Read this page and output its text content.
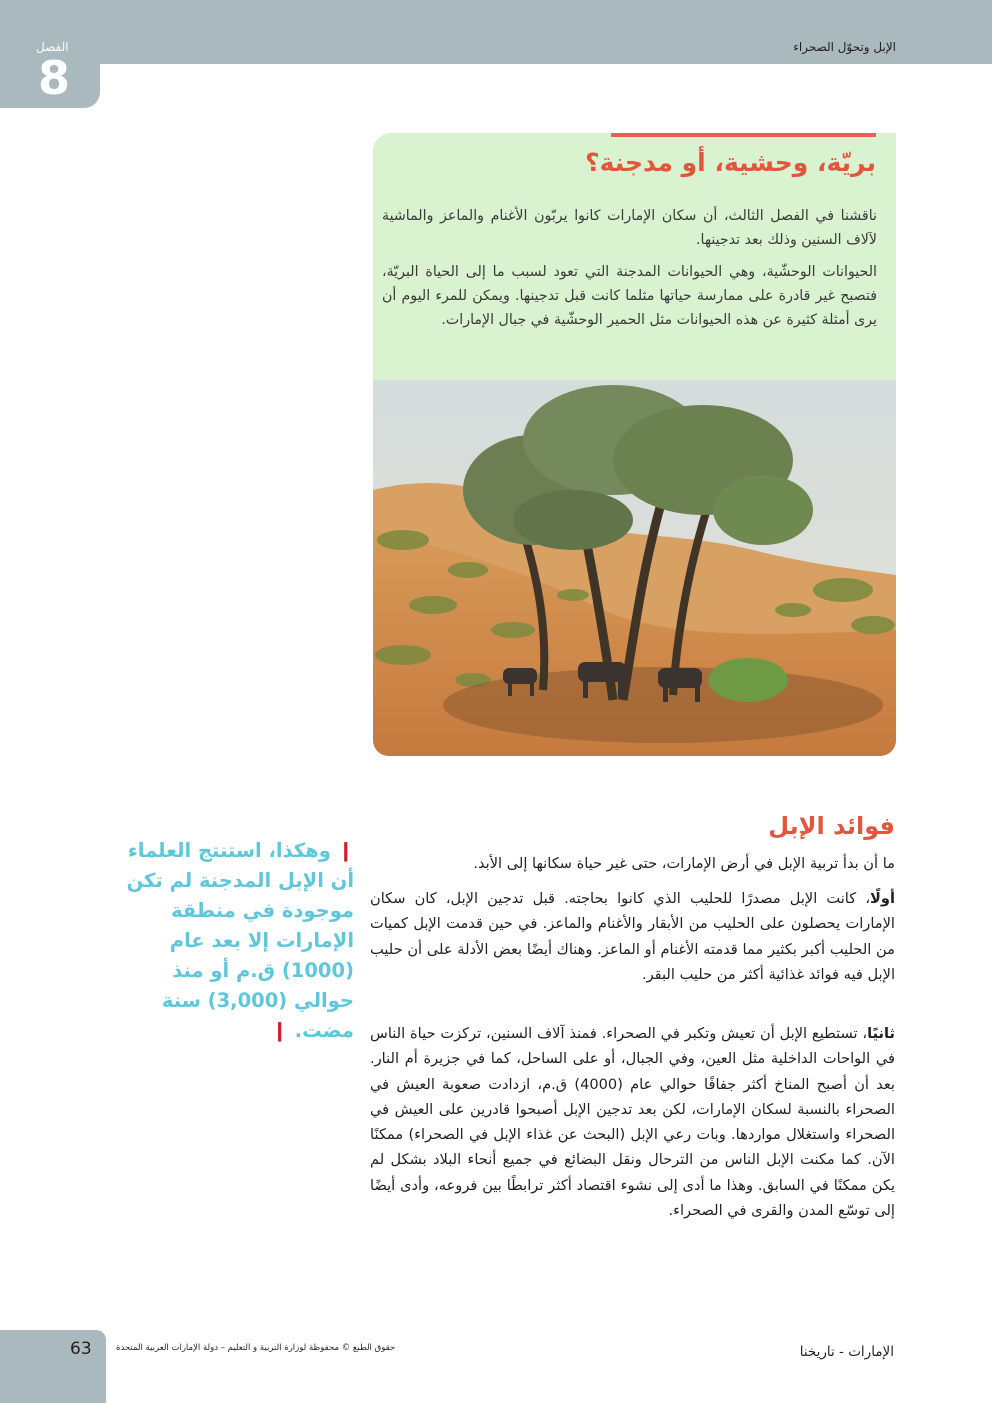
الفصل
8
الإبل وتحوّل الصحراء
بريّة، وحشية، أو مدجنة؟

ناقشنا في الفصل الثالث، أن سكان الإمارات كانوا يربّون الأغنام والماعز والماشية لآلاف السنين وذلك بعد تدجينها.

الحيوانات الوحشّية، وهي الحيوانات المدجنة التي تعود لسبب ما إلى الحياة البريّة، فتصبح غير قادرة على ممارسة حياتها مثلما كانت قبل تدجينها. ويمكن للمرء اليوم أن يرى أمثلة كثيرة عن هذه الحيوانات مثل الحمير الوحشّية في جبال الإمارات.

فوائد الإبل

ما أن بدأ تربية الإبل في أرض الإمارات، حتى غير حياة سكانها إلى الأبد.

أولًا، كانت الإبل مصدرًا للحليب الذي كانوا بحاجته. قبل تدجين الإبل، كان سكان الإمارات يحصلون على الحليب من الأبقار والأغنام والماعز. في حين قدمت الإبل كميات من الحليب أكبر بكثير مما قدمته الأغنام أو الماعز. وهناك أيضًا بعض الأدلة على أن حليب الإبل فيه فوائد غذائية أكثر من حليب البقر.

ثانيًا، تستطيع الإبل أن تعيش وتكبر في الصحراء. فمنذ آلاف السنين، تركزت حياة الناس في الواحات الداخلية مثل العين، وفي الجبال، أو على الساحل، كما في جزيرة أم النار. بعد أن أصبح المناخ أكثر جفافًا حوالي عام (4000) ق.م، ازدادت صعوبة العيش في الصحراء بالنسبة لسكان الإمارات، لكن بعد تدجين الإبل أصبحوا قادرين على العيش في الصحراء واستغلال مواردها. وبات رعي الإبل (البحث عن غذاء الإبل في الصحراء) ممكنًا الآن. كما مكنت الإبل الناس من الترحال ونقل البضائع في جميع أنحاء البلاد بشكل لم يكن ممكنًا في السابق. وهذا ما أدى إلى نشوء اقتصاد أكثر ترابطًا بين فروعه، وأدى أيضًا إلى توسّع المدن والقرى في الصحراء.

❙ وهكذا، استنتج العلماء أن الإبل المدجنة لم تكن موجودة في منطقة الإمارات إلا بعد عام (1000) ق.م أو منذ حوالي (3,000) سنة مضت. ❙

63	حقوق الطبع © محفوظة لوزارة التربية و التعليم – دولة الإمارات العربية المتحدة	الإمارات - تاريخنا
